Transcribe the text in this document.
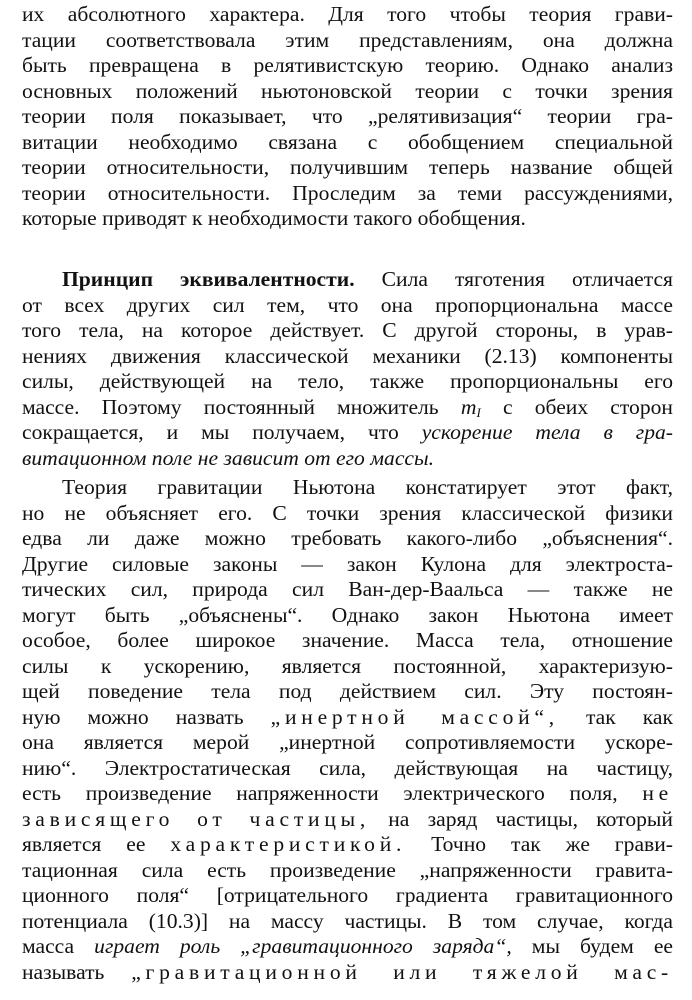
их абсолютного характера. Для того чтобы теория грави-
тации соответствовала этим представлениям, она должна
быть превращена в релятивистскую теорию. Однако анализ
основных положений ньютоновской теории с точки зрения
теории поля показывает, что „релятивизация“ теории гра-
витации необходимо связана с обобщением специальной
теории относительности, получившим теперь название общей
теории относительности. Проследим за теми рассуждениями,
которые приводят к необходимости такого обобщения.
Принцип эквивалентности. Сила тяготения отличается
от всех других сил тем, что она пропорциональна массе
того тела, на которое действует. С другой стороны, в урав-
нениях движения классической механики (2.13) компоненты
силы, действующей на тело, также пропорциональны его
массе. Поэтому постоянный множитель $m_I$ с обеих сторон
сокращается, и мы получаем, что ускорение тела в гра-
витационном поле не зависит от его массы.
Теория гравитации Ньютона констатирует этот факт,
но не объясняет его. С точки зрения классической физики
едва ли даже можно требовать какого-либо „объяснения“.
Другие силовые законы — закон Кулона для электроста-
тических сил, природа сил Ван-дер-Ваальса — также не
могут быть „объяснены“. Однако закон Ньютона имеет
особое, более широкое значение. Масса тела, отношение
силы к ускорению, является постоянной, характеризую-
щей поведение тела под действием сил. Эту постоян-
ную можно назвать „инертной массой“, так как
она является мерой „инертной сопротивляемости ускоре-
нию“. Электростатическая сила, действующая на частицу,
есть произведение напряженности электрического поля, не
зависящего от частицы, на заряд частицы, который
является ее характеристикой. Точно так же грави-
тационная сила есть произведение „напряженности гравита-
ционного поля“ [отрицательного градиента гравитационного
потенциала (10.3)] на массу частицы. В том случае, когда
масса играет роль „гравитационного заряда“, мы будем ее
называть „гравитационной или тяжелой мас-
